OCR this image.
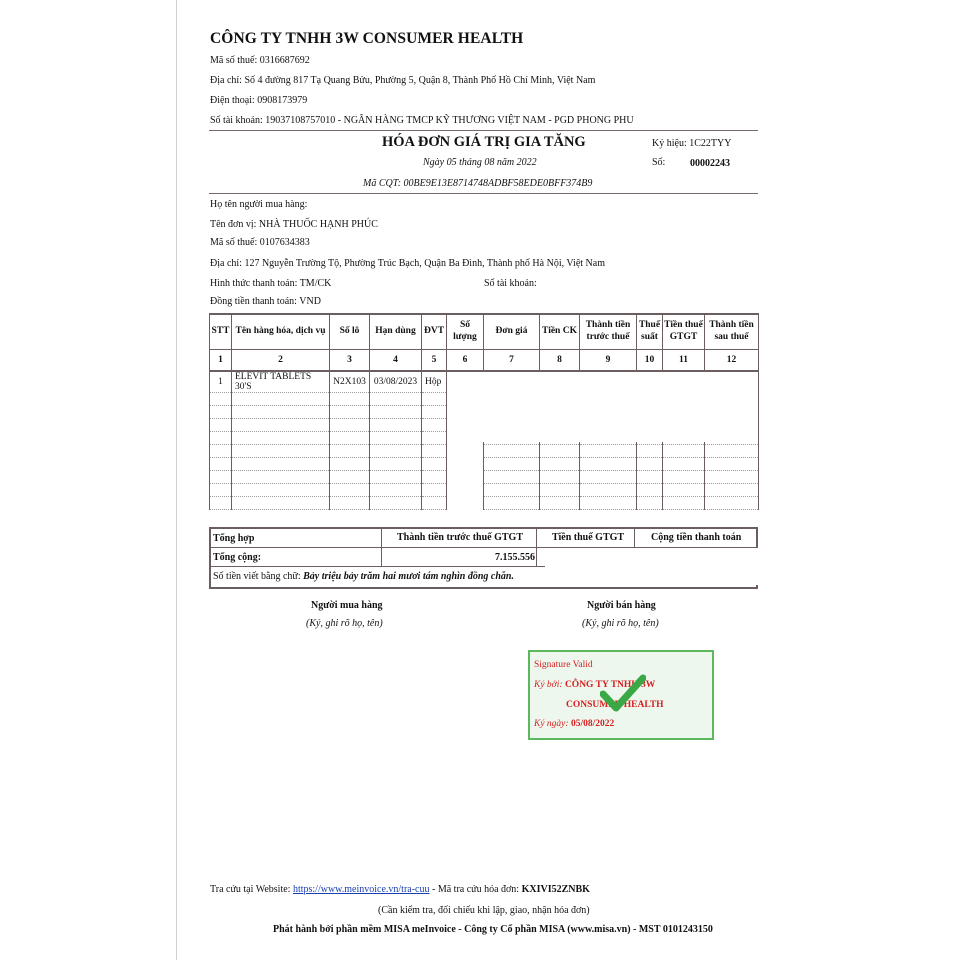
CÔNG TY TNHH 3W CONSUMER HEALTH
Mã số thuế: 0316687692
Địa chỉ: Số 4 đường 817 Tạ Quang Bửu, Phường 5, Quận 8, Thành Phố Hồ Chí Minh, Việt Nam
Điện thoại: 0908173979
Số tài khoản: 19037108757010 - NGÂN HÀNG TMCP KỸ THƯƠNG VIỆT NAM - PGD PHONG PHU
HÓA ĐƠN GIÁ TRỊ GIA TĂNG
Ngày 05 tháng 08 năm 2022
Mã CQT: 00BE9E13E8714748ADBF58EDE0BFF374B9
Ký hiệu: 1C22TYY
Số: 00002243
Họ tên người mua hàng:
Tên đơn vị: NHÀ THUỐC HẠNH PHÚC
Mã số thuế: 0107634383
Địa chỉ: 127 Nguyễn Trường Tộ, Phường Trúc Bạch, Quận Ba Đình, Thành phố Hà Nội, Việt Nam
Hình thức thanh toán: TM/CK	Số tài khoản:
Đồng tiền thanh toán: VND
STT	Tên hàng hóa, dịch vụ	Số lô	Hạn dùng	ĐVT	Số lượng	Đơn giá	Tiền CK	Thành tiền trước thuế	Thuế suất	Tiền thuế GTGT	Thành tiền sau thuế
1	2	3	4	5	6	7	8	9	10	11	12
1	ELEVIT TABLETS 30'S	N2X103	03/08/2023	Hộp							

Tổng hợp	Thành tiền trước thuế GTGT	Tiền thuế GTGT	Cộng tiền thanh toán
Tổng cộng:	7.155.556
Số tiền viết bằng chữ: Bảy triệu bảy trăm hai mươi tám nghìn đồng chẵn.
Người mua hàng
(Ký, ghi rõ họ, tên)
Người bán hàng
(Ký, ghi rõ họ, tên)
Signature Valid
Ký bởi: CÔNG TY TNHH 3W
CONSUMER HEALTH
Ký ngày: 05/08/2022
Tra cứu tại Website: https://www.meinvoice.vn/tra-cuu - Mã tra cứu hóa đơn: KXIVI52ZNBK
(Cần kiểm tra, đối chiếu khi lập, giao, nhận hóa đơn)
Phát hành bởi phần mềm MISA meInvoice - Công ty Cổ phần MISA (www.misa.vn) - MST 0101243150
